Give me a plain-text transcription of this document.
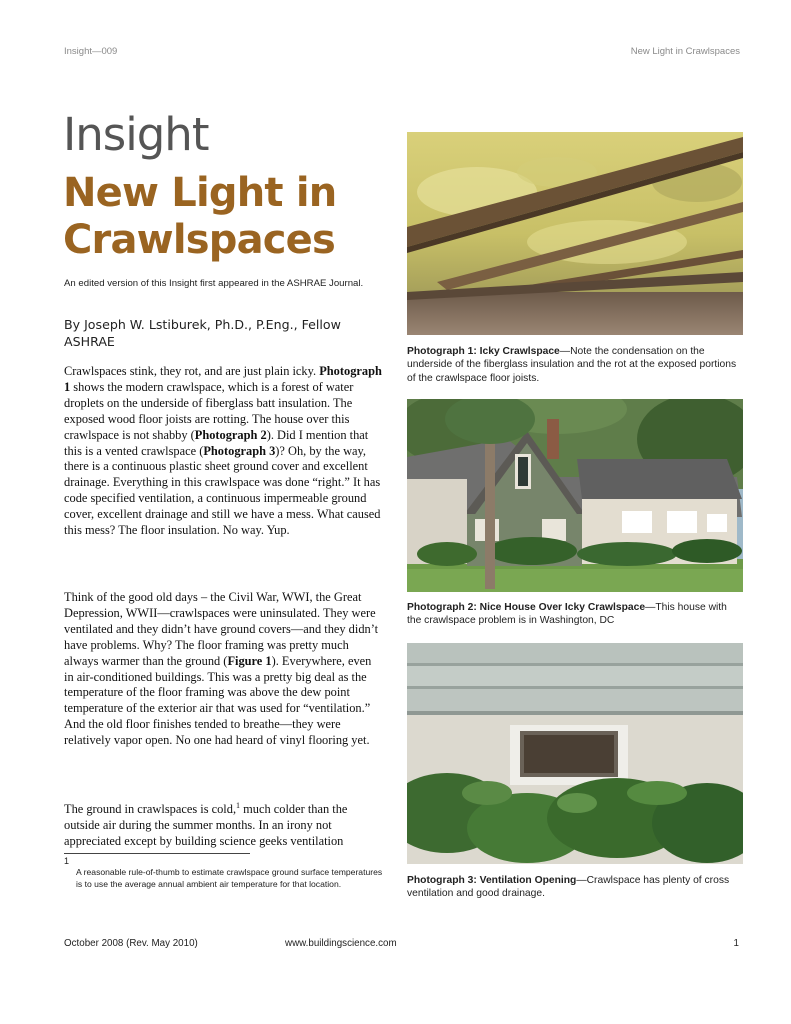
Insight—009	New Light in Crawlspaces
Insight
New Light in Crawlspaces
An edited version of this Insight first appeared in the ASHRAE Journal.
By Joseph W. Lstiburek, Ph.D., P.Eng., Fellow ASHRAE
Crawlspaces stink, they rot, and are just plain icky. Photograph 1 shows the modern crawlspace, which is a forest of water droplets on the underside of fiberglass batt insulation. The exposed wood floor joists are rotting. The house over this crawlspace is not shabby (Photograph 2). Did I mention that this is a vented crawlspace (Photograph 3)? Oh, by the way, there is a continuous plastic sheet ground cover and excellent drainage. Everything in this crawlspace was done “right.” It has code specified ventilation, a continuous impermeable ground cover, excellent drainage and still we have a mess. What caused this mess? The floor insulation. No way. Yup.
Think of the good old days – the Civil War, WWI, the Great Depression, WWII—crawlspaces were uninsulated. They were ventilated and they didn’t have ground covers—and they didn’t have problems. Why? The floor framing was pretty much always warmer than the ground (Figure 1). Everywhere, even in air-conditioned buildings. This was a pretty big deal as the temperature of the floor framing was above the dew point temperature of the exterior air that was used for “ventilation.” And the old floor finishes tended to breathe—they were relatively vapor open. No one had heard of vinyl flooring yet.
The ground in crawlspaces is cold,$^1$ much colder than the outside air during the summer months. In an irony not appreciated except by building science geeks ventilation
1
A reasonable rule-of-thumb to estimate crawlspace ground surface temperatures is to use the average annual ambient air temperature for that location.
Photograph 1: Icky Crawlspace—Note the condensation on the underside of the fiberglass insulation and the rot at the exposed portions of the crawlspace floor joists.
Photograph 2: Nice House Over Icky Crawlspace—This house with the crawlspace problem is in Washington, DC
Photograph 3: Ventilation Opening—Crawlspace has plenty of cross ventilation and good drainage.
October 2008 (Rev. May 2010)	www.buildingscience.com	1
